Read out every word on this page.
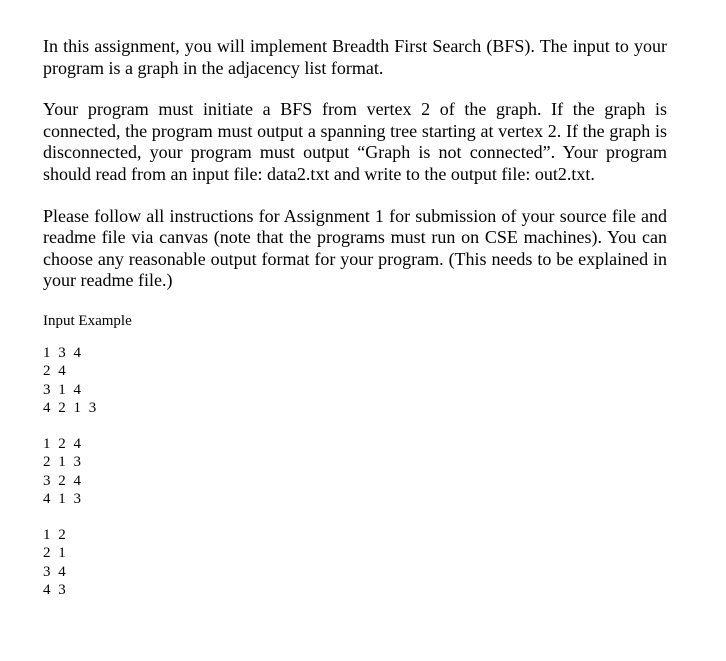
In this assignment, you will implement Breadth First Search (BFS). The input to your program is a graph in the adjacency list format.

Your program must initiate a BFS from vertex 2 of the graph. If the graph is connected, the program must output a spanning tree starting at vertex 2. If the graph is disconnected, your program must output “Graph is not connected”. Your program should read from an input file: data2.txt and write to the output file: out2.txt.

Please follow all instructions for Assignment 1 for submission of your source file and readme file via canvas (note that the programs must run on CSE machines). You can choose any reasonable output format for your program. (This needs to be explained in your readme file.)

Input Example

1 3 4
2 4
3 1 4
4 2 1 3
1 2 4
2 1 3
3 2 4
4 1 3
1 2
2 1
3 4
4 3
